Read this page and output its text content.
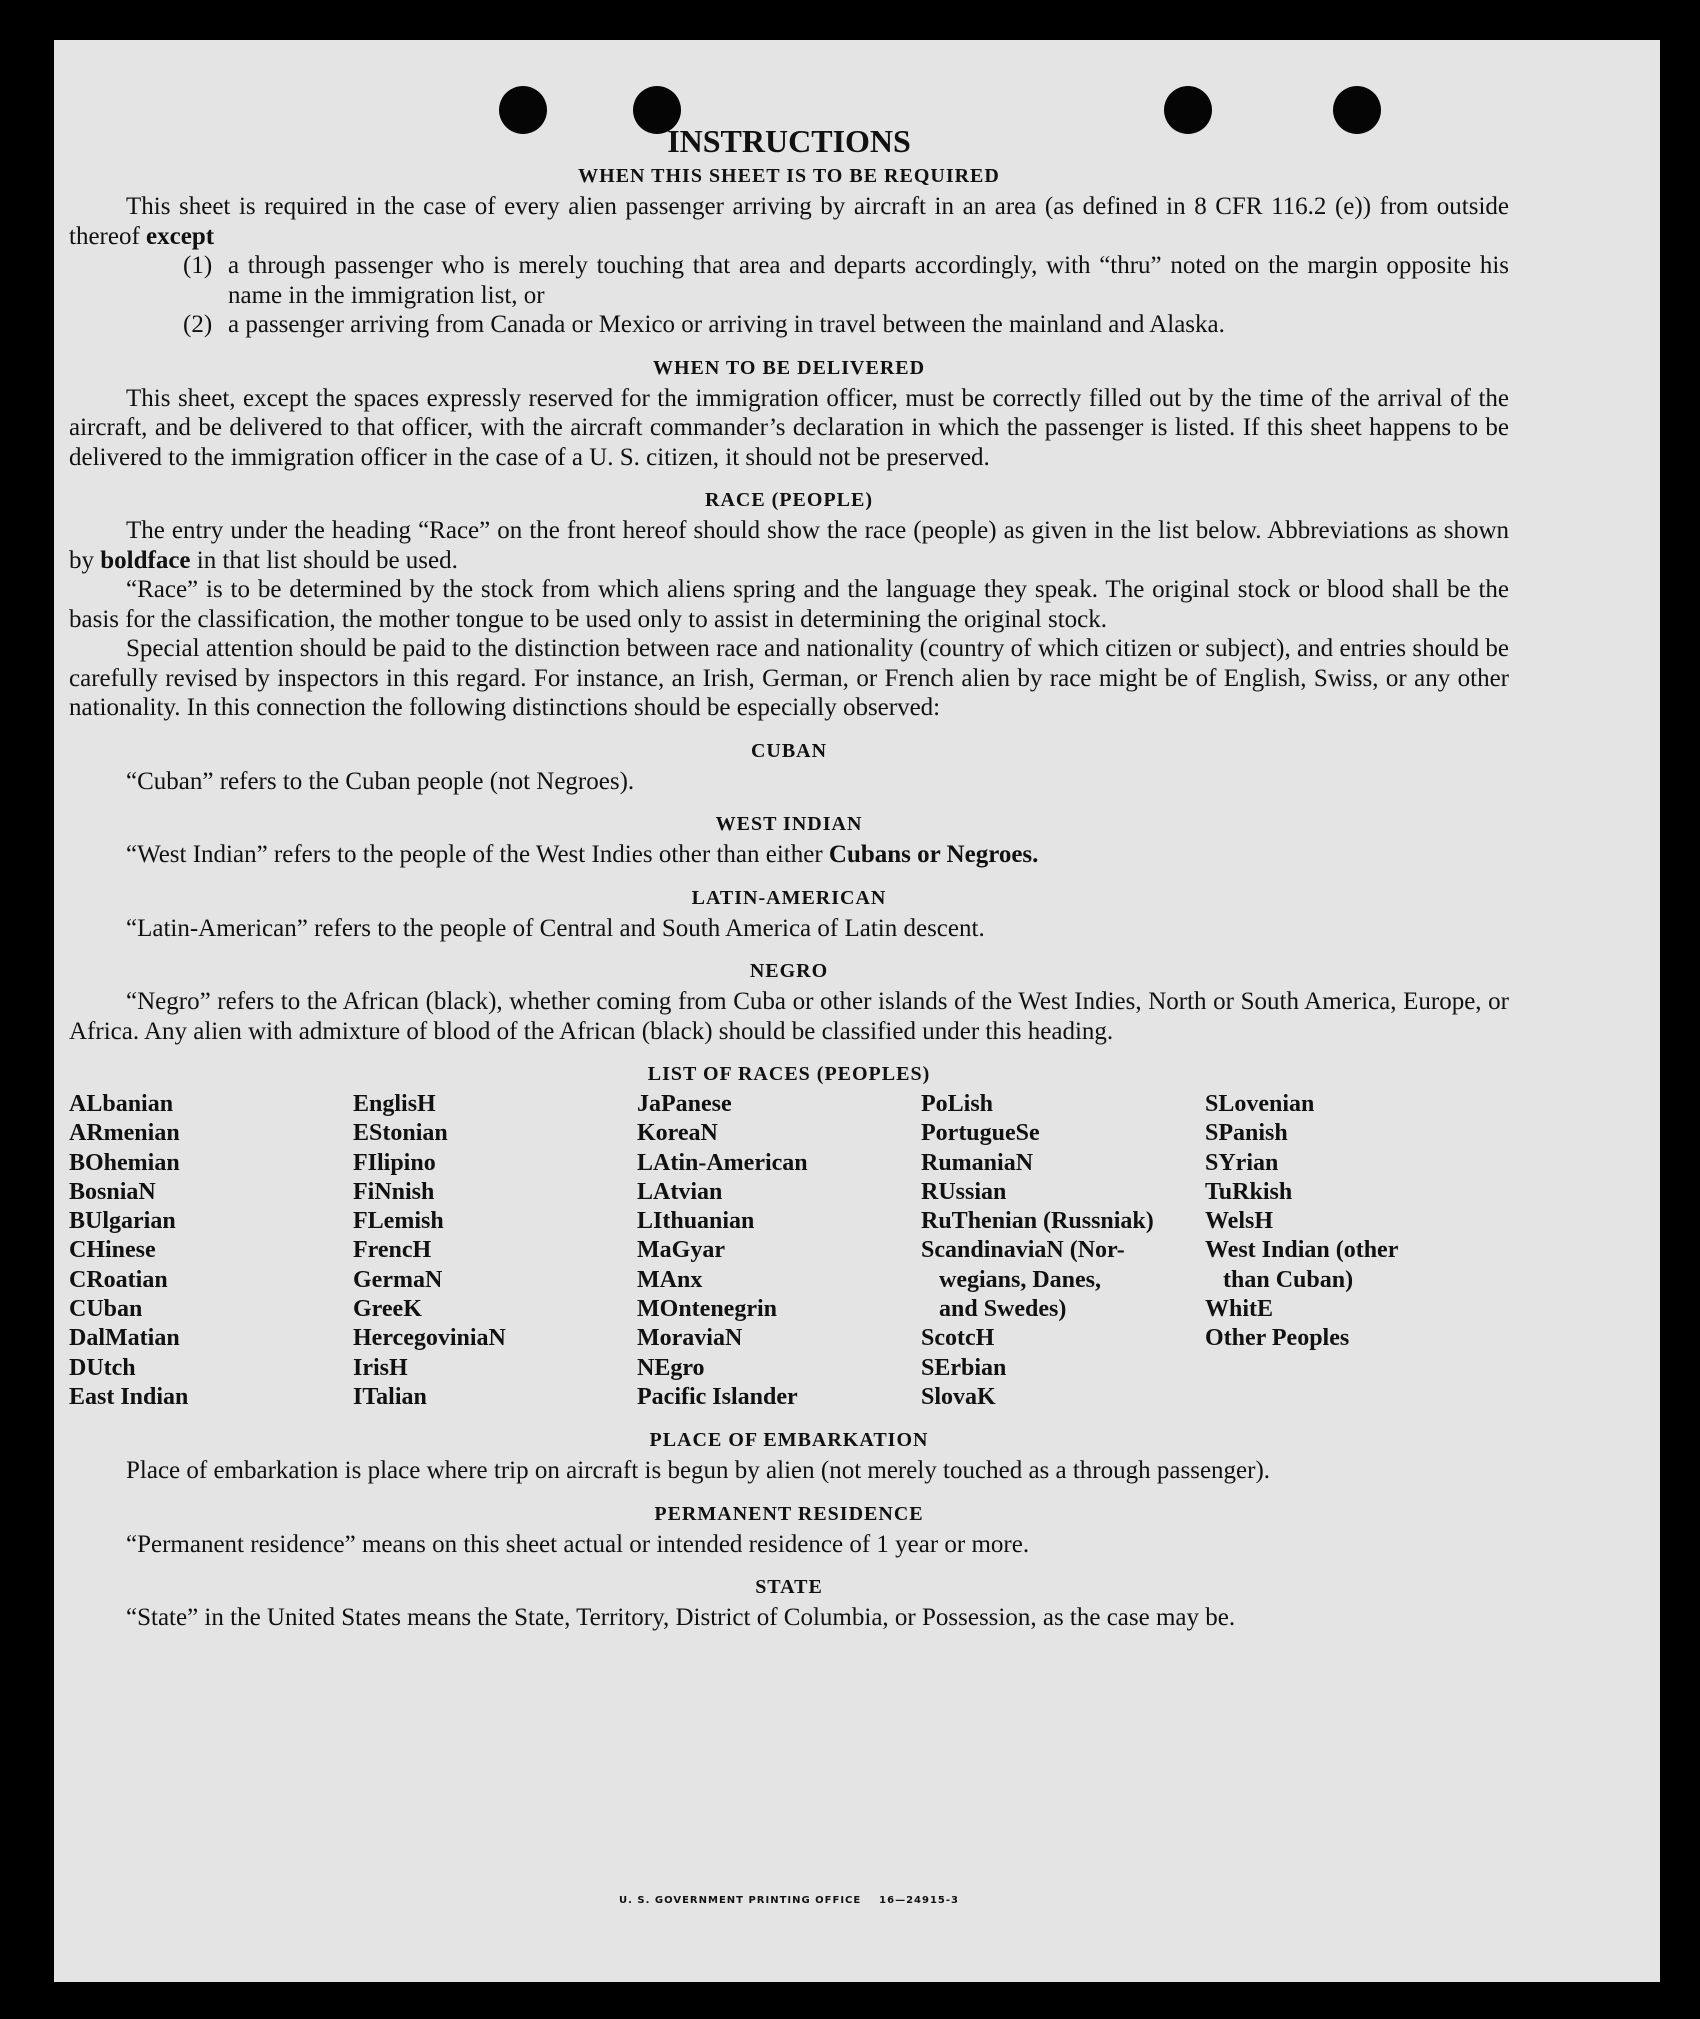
INSTRUCTIONS
WHEN THIS SHEET IS TO BE REQUIRED

This sheet is required in the case of every alien passenger arriving by aircraft in an area (as defined in 8 CFR 116.2 (e)) from outside thereof except

(1) a through passenger who is merely touching that area and departs accordingly, with “thru” noted on the margin opposite his name in the immigration list, or
(2) a passenger arriving from Canada or Mexico or arriving in travel between the mainland and Alaska.
WHEN TO BE DELIVERED

This sheet, except the spaces expressly reserved for the immigration officer, must be correctly filled out by the time of the arrival of the aircraft, and be delivered to that officer, with the aircraft commander’s declaration in which the passenger is listed. If this sheet happens to be delivered to the immigration officer in the case of a U. S. citizen, it should not be preserved.

RACE (PEOPLE)

The entry under the heading “Race” on the front hereof should show the race (people) as given in the list below. Abbreviations as shown by boldface in that list should be used.

“Race” is to be determined by the stock from which aliens spring and the language they speak. The original stock or blood shall be the basis for the classification, the mother tongue to be used only to assist in determining the original stock.

Special attention should be paid to the distinction between race and nationality (country of which citizen or subject), and entries should be carefully revised by inspectors in this regard. For instance, an Irish, German, or French alien by race might be of English, Swiss, or any other nationality. In this connection the following distinctions should be especially observed:

CUBAN

“Cuban” refers to the Cuban people (not Negroes).

WEST INDIAN

“West Indian” refers to the people of the West Indies other than either Cubans or Negroes.

LATIN-AMERICAN

“Latin-American” refers to the people of Central and South America of Latin descent.

NEGRO

“Negro” refers to the African (black), whether coming from Cuba or other islands of the West Indies, North or South America, Europe, or Africa. Any alien with admixture of blood of the African (black) should be classified under this heading.

LIST OF RACES (PEOPLES)
ALbanian
ARmenian
BOhemian
BosniaN
BUlgarian
CHinese
CRoatian
CUban
DalMatian
DUtch
East Indian
EnglisH
EStonian
FIlipino
FiNnish
FLemish
FrencH
GermaN
GreeK
HercegoviniaN
IrisH
ITalian
JaPanese
KoreaN
LAtin-American
LAtvian
LIthuanian
MaGyar
MAnx
MOntenegrin
MoraviaN
NEgro
Pacific Islander
PoLish
PortugueSe
RumaniaN
RUssian
RuThenian (Russniak)
ScandinaviaN (Nor-
wegians, Danes,
and Swedes)
ScotcH
SErbian
SlovaK
SLovenian
SPanish
SYrian
TuRkish
WelsH
West Indian (other
than Cuban)
WhitE
Other Peoples
PLACE OF EMBARKATION

Place of embarkation is place where trip on aircraft is begun by alien (not merely touched as a through passenger).

PERMANENT RESIDENCE

“Permanent residence” means on this sheet actual or intended residence of 1 year or more.

STATE

“State” in the United States means the State, Territory, District of Columbia, or Possession, as the case may be.

U. S. GOVERNMENT PRINTING OFFICE    16—24915-3
